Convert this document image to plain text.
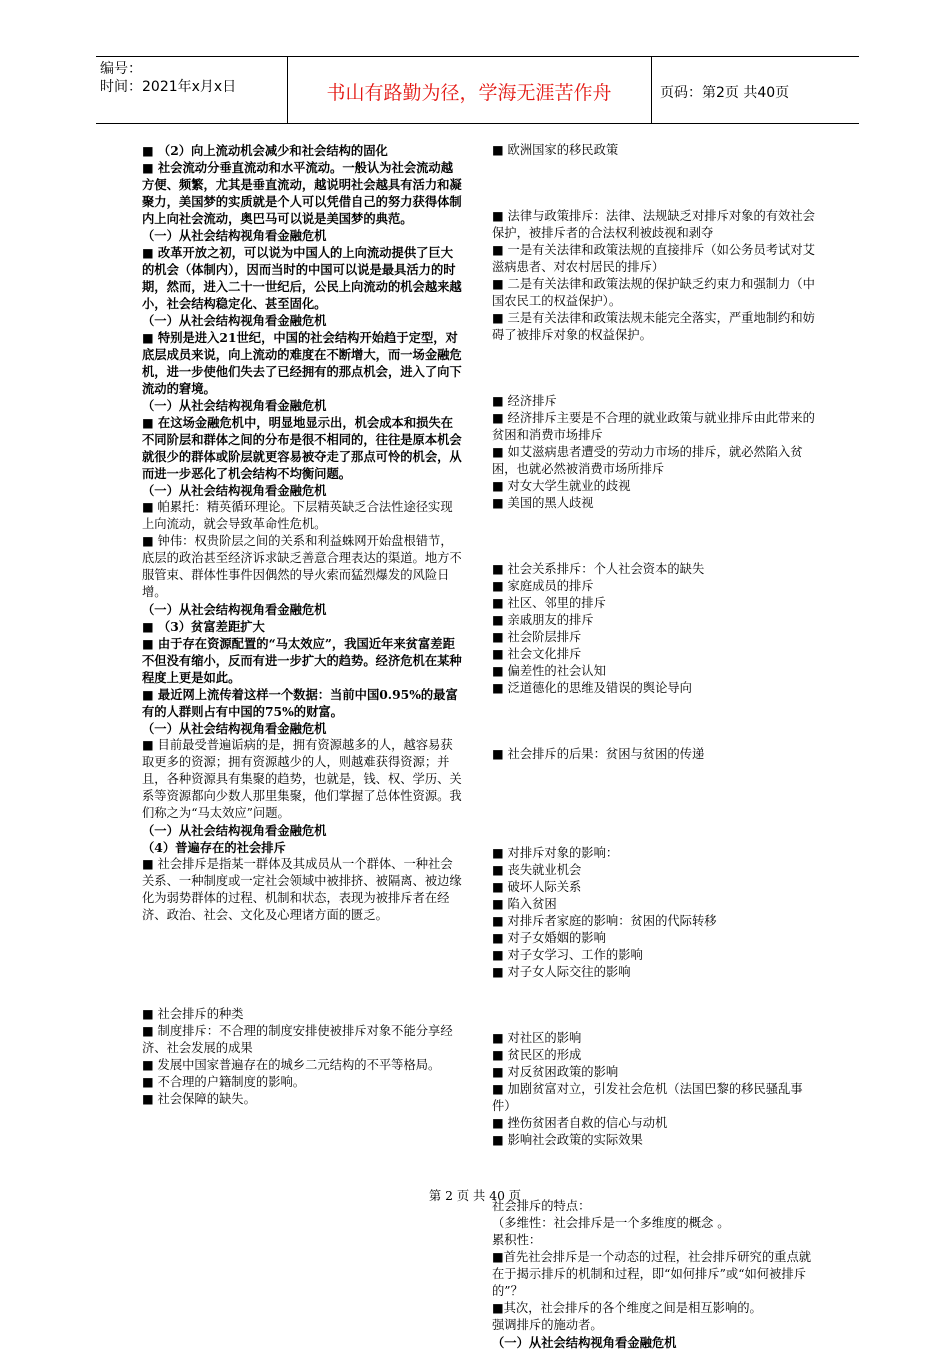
编号：
时间：2021年x月x日	书山有路勤为径，学海无涯苦作舟	页码：第2页 共40页

■ （2）向上流动机会减少和社会结构的固化

■ 社会流动分垂直流动和水平流动。一般认为社会流动越方便、频繁，尤其是垂直流动，越说明社会越具有活力和凝聚力，美国梦的实质就是个人可以凭借自己的努力获得体制内上向社会流动，奥巴马可以说是美国梦的典范。

（一）从社会结构视角看金融危机

■ 改革开放之初，可以说为中国人的上向流动提供了巨大的机会（体制内），因而当时的中国可以说是最具活力的时期，然而，进入二十一世纪后，公民上向流动的机会越来越小，社会结构稳定化、甚至固化。

（一）从社会结构视角看金融危机

■ 特别是进入21世纪，中国的社会结构开始趋于定型，对底层成员来说，向上流动的难度在不断增大，而一场金融危机，进一步使他们失去了已经拥有的那点机会，进入了向下流动的窘境。

（一）从社会结构视角看金融危机

■ 在这场金融危机中，明显地显示出，机会成本和损失在不同阶层和群体之间的分布是很不相同的，往往是原本机会就很少的群体或阶层就更容易被夺走了那点可怜的机会，从而进一步恶化了机会结构不均衡问题。

（一）从社会结构视角看金融危机

■ 帕累托：精英循环理论。下层精英缺乏合法性途径实现上向流动，就会导致革命性危机。

■ 钟伟：权贵阶层之间的关系和利益蛛网开始盘根错节，底层的政治甚至经济诉求缺乏善意合理表达的渠道。地方不服管束、群体性事件因偶然的导火索而猛烈爆发的风险日增。

（一）从社会结构视角看金融危机

■ （3）贫富差距扩大

■ 由于存在资源配置的“马太效应”，我国近年来贫富差距不但没有缩小，反而有进一步扩大的趋势。经济危机在某种程度上更是如此。

■ 最近网上流传着这样一个数据：当前中国0.95%的最富有的人群则占有中国的75%的财富。

（一）从社会结构视角看金融危机

■ 目前最受普遍诟病的是，拥有资源越多的人，越容易获取更多的资源；拥有资源越少的人，则越难获得资源；并且，各种资源具有集聚的趋势，也就是，钱、权、学历、关系等资源都向少数人那里集聚，他们掌握了总体性资源。我们称之为“马太效应”问题。

（一）从社会结构视角看金融危机

（4）普遍存在的社会排斥

■ 社会排斥是指某一群体及其成员从一个群体、一种社会关系、一种制度或一定社会领域中被排挤、被隔离、被边缘化为弱势群体的过程、机制和状态，表现为被排斥者在经济、政治、社会、文化及心理诸方面的匮乏。

■ 社会排斥的种类

■ 制度排斥：不合理的制度安排使被排斥对象不能分享经济、社会发展的成果

■ 发展中国家普遍存在的城乡二元结构的不平等格局。

■ 不合理的户籍制度的影响。

■ 社会保障的缺失。

■ 欧洲国家的移民政策

■ 法律与政策排斥：法律、法规缺乏对排斥对象的有效社会保护，被排斥者的合法权利被歧视和剥夺

■ 一是有关法律和政策法规的直接排斥（如公务员考试对艾滋病患者、对农村居民的排斥）

■ 二是有关法律和政策法规的保护缺乏约束力和强制力（中国农民工的权益保护）。

■ 三是有关法律和政策法规未能完全落实，严重地制约和妨碍了被排斥对象的权益保护。

■ 经济排斥

■ 经济排斥主要是不合理的就业政策与就业排斥由此带来的贫困和消费市场排斥

■ 如艾滋病患者遭受的劳动力市场的排斥，就必然陷入贫困，也就必然被消费市场所排斥

■ 对女大学生就业的歧视

■ 美国的黑人歧视

■ 社会关系排斥：个人社会资本的缺失

■ 家庭成员的排斥

■ 社区、邻里的排斥

■ 亲戚朋友的排斥

■ 社会阶层排斥

■ 社会文化排斥

■ 偏差性的社会认知

■ 泛道德化的思维及错误的舆论导向

■ 社会排斥的后果：贫困与贫困的传递

■ 对排斥对象的影响：

■ 丧失就业机会

■ 破坏人际关系

■ 陷入贫困

■ 对排斥者家庭的影响：贫困的代际转移

■ 对子女婚姻的影响

■ 对子女学习、工作的影响

■ 对子女人际交往的影响

■ 对社区的影响

■ 贫民区的形成

■ 对反贫困政策的影响

■ 加剧贫富对立，引发社会危机（法国巴黎的移民骚乱事件）

■ 挫伤贫困者自救的信心与动机

■ 影响社会政策的实际效果

社会排斥的特点：

（多维性：社会排斥是一个多维度的概念 。

累积性：

■首先社会排斥是一个动态的过程，社会排斥研究的重点就在于揭示排斥的机制和过程，即“如何排斥”或“如何被排斥的”？

■其次，社会排斥的各个维度之间是相互影响的。

强调排斥的施动者。

（一）从社会结构视角看金融危机

第 2 页 共 40 页
